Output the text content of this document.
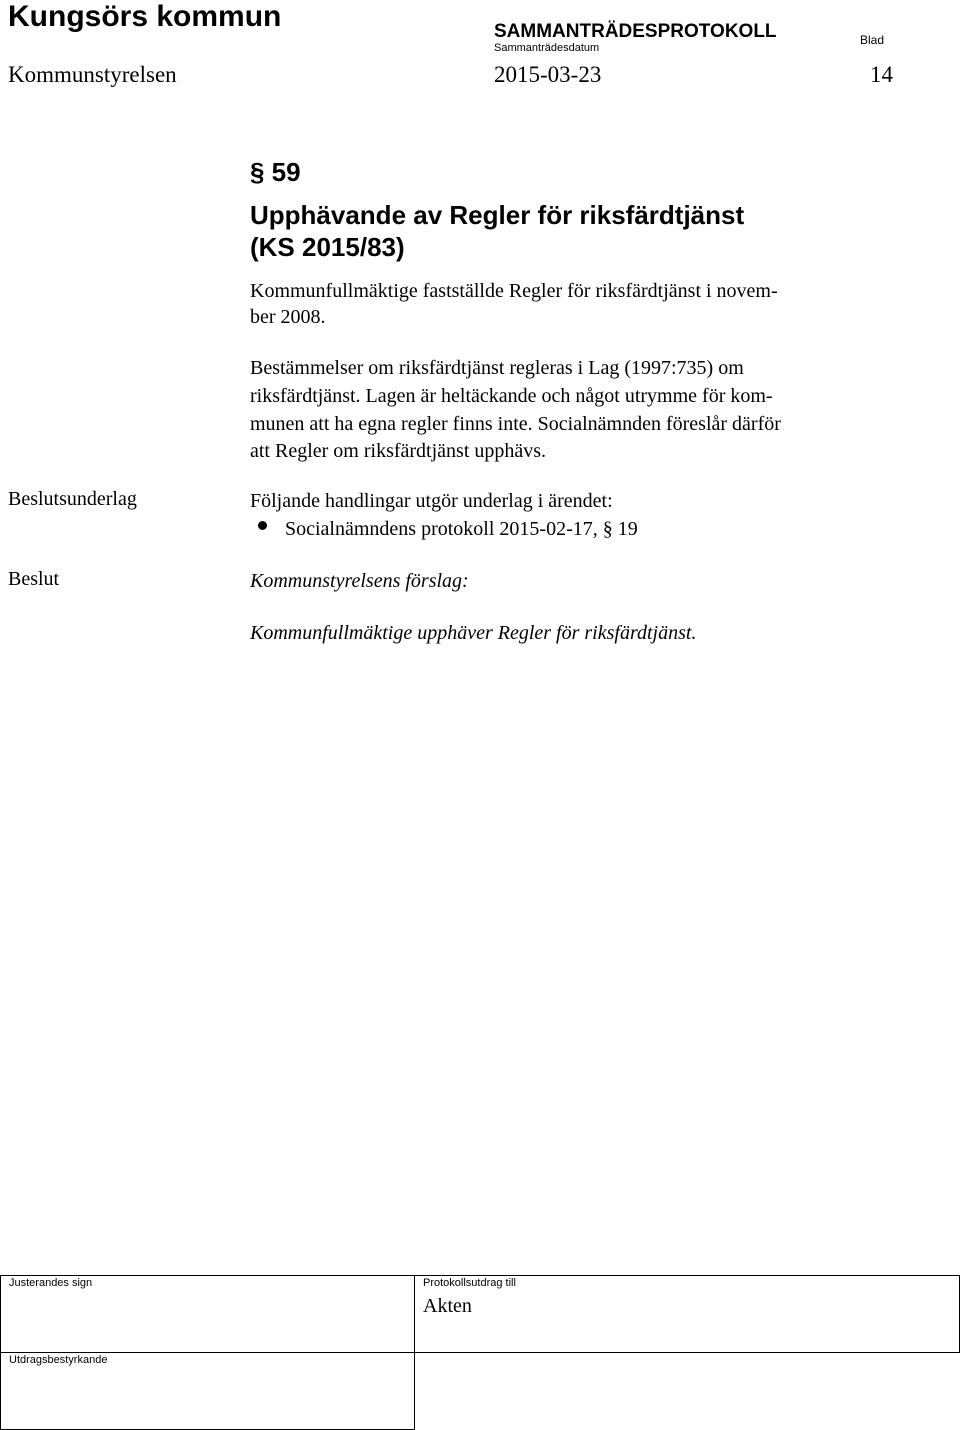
Kungsörs kommun	SAMMANTRÄDESPROTOKOLL
Sammanträdesdatum
Blad
Kommunstyrelsen	2015-03-23	14
§ 59
Upphävande av Regler för riksfärdtjänst
(KS 2015/83)
Kommunfullmäktige fastställde Regler för riksfärdtjänst i novem-
ber 2008.
Bestämmelser om riksfärdtjänst regleras i Lag (1997:735) om
riksfärdtjänst. Lagen är heltäckande och något utrymme för kom-
munen att ha egna regler finns inte. Socialnämnden föreslår därför
att Regler om riksfärdtjänst upphävs.
Beslutsunderlag	Följande handlingar utgör underlag i ärendet:
Socialnämndens protokoll 2015-02-17, § 19
Beslut	Kommunstyrelsens förslag:
Kommunfullmäktige upphäver Regler för riksfärdtjänst.
Justerandes sign	Protokollsutdrag till
Akten

Utdragsbestyrkande	
